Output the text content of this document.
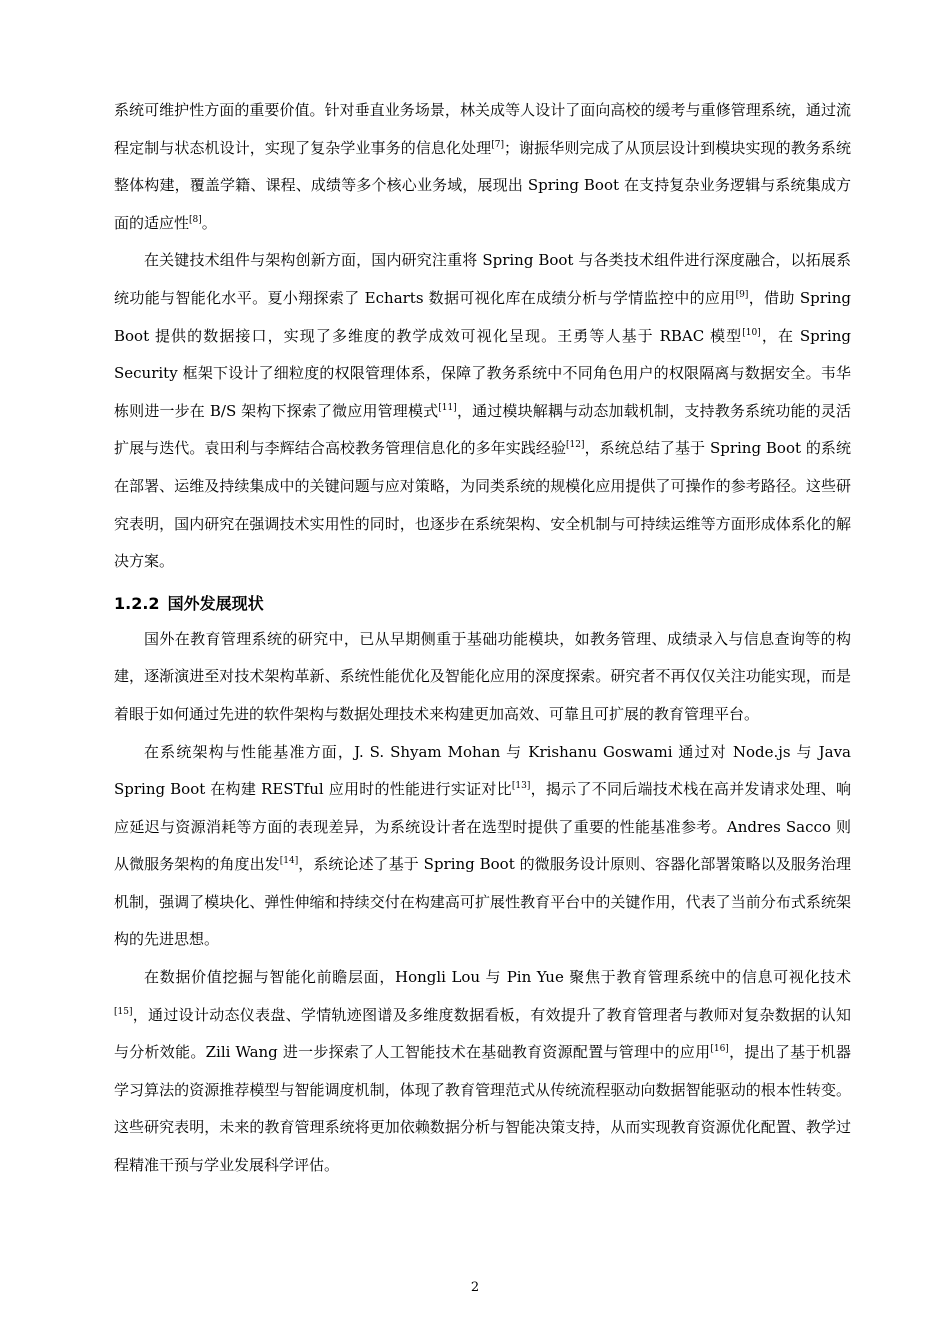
系统可维护性方面的重要价值。针对垂直业务场景，林关成等人设计了面向高校的缓考与重修管理系统，通过流程定制与状态机设计，实现了复杂学业事务的信息化处理[7]；谢振华则完成了从顶层设计到模块实现的教务系统整体构建，覆盖学籍、课程、成绩等多个核心业务域，展现出 Spring Boot 在支持复杂业务逻辑与系统集成方面的适应性[8]。

在关键技术组件与架构创新方面，国内研究注重将 Spring Boot 与各类技术组件进行深度融合，以拓展系统功能与智能化水平。夏小翔探索了 Echarts 数据可视化库在成绩分析与学情监控中的应用[9]，借助 Spring Boot 提供的数据接口，实现了多维度的教学成效可视化呈现。王勇等人基于 RBAC 模型[10]，在 Spring Security 框架下设计了细粒度的权限管理体系，保障了教务系统中不同角色用户的权限隔离与数据安全。韦华栋则进一步在 B/S 架构下探索了微应用管理模式[11]，通过模块解耦与动态加载机制，支持教务系统功能的灵活扩展与迭代。袁田利与李辉结合高校教务管理信息化的多年实践经验[12]，系统总结了基于 Spring Boot 的系统在部署、运维及持续集成中的关键问题与应对策略，为同类系统的规模化应用提供了可操作的参考路径。这些研究表明，国内研究在强调技术实用性的同时，也逐步在系统架构、安全机制与可持续运维等方面形成体系化的解决方案。

1.2.2 国外发展现状

国外在教育管理系统的研究中，已从早期侧重于基础功能模块，如教务管理、成绩录入与信息查询等的构建，逐渐演进至对技术架构革新、系统性能优化及智能化应用的深度探索。研究者不再仅仅关注功能实现，而是着眼于如何通过先进的软件架构与数据处理技术来构建更加高效、可靠且可扩展的教育管理平台。

在系统架构与性能基准方面，J. S. Shyam Mohan 与 Krishanu Goswami 通过对 Node.js 与 Java Spring Boot 在构建 RESTful 应用时的性能进行实证对比[13]，揭示了不同后端技术栈在高并发请求处理、响应延迟与资源消耗等方面的表现差异，为系统设计者在选型时提供了重要的性能基准参考。Andres Sacco 则从微服务架构的角度出发[14]，系统论述了基于 Spring Boot 的微服务设计原则、容器化部署策略以及服务治理机制，强调了模块化、弹性伸缩和持续交付在构建高可扩展性教育平台中的关键作用，代表了当前分布式系统架构的先进思想。

在数据价值挖掘与智能化前瞻层面，Hongli Lou 与 Pin Yue 聚焦于教育管理系统中的信息可视化技术[15]，通过设计动态仪表盘、学情轨迹图谱及多维度数据看板，有效提升了教育管理者与教师对复杂数据的认知与分析效能。Zili Wang 进一步探索了人工智能技术在基础教育资源配置与管理中的应用[16]，提出了基于机器学习算法的资源推荐模型与智能调度机制，体现了教育管理范式从传统流程驱动向数据智能驱动的根本性转变。这些研究表明，未来的教育管理系统将更加依赖数据分析与智能决策支持，从而实现教育资源优化配置、教学过程精准干预与学业发展科学评估。

2
